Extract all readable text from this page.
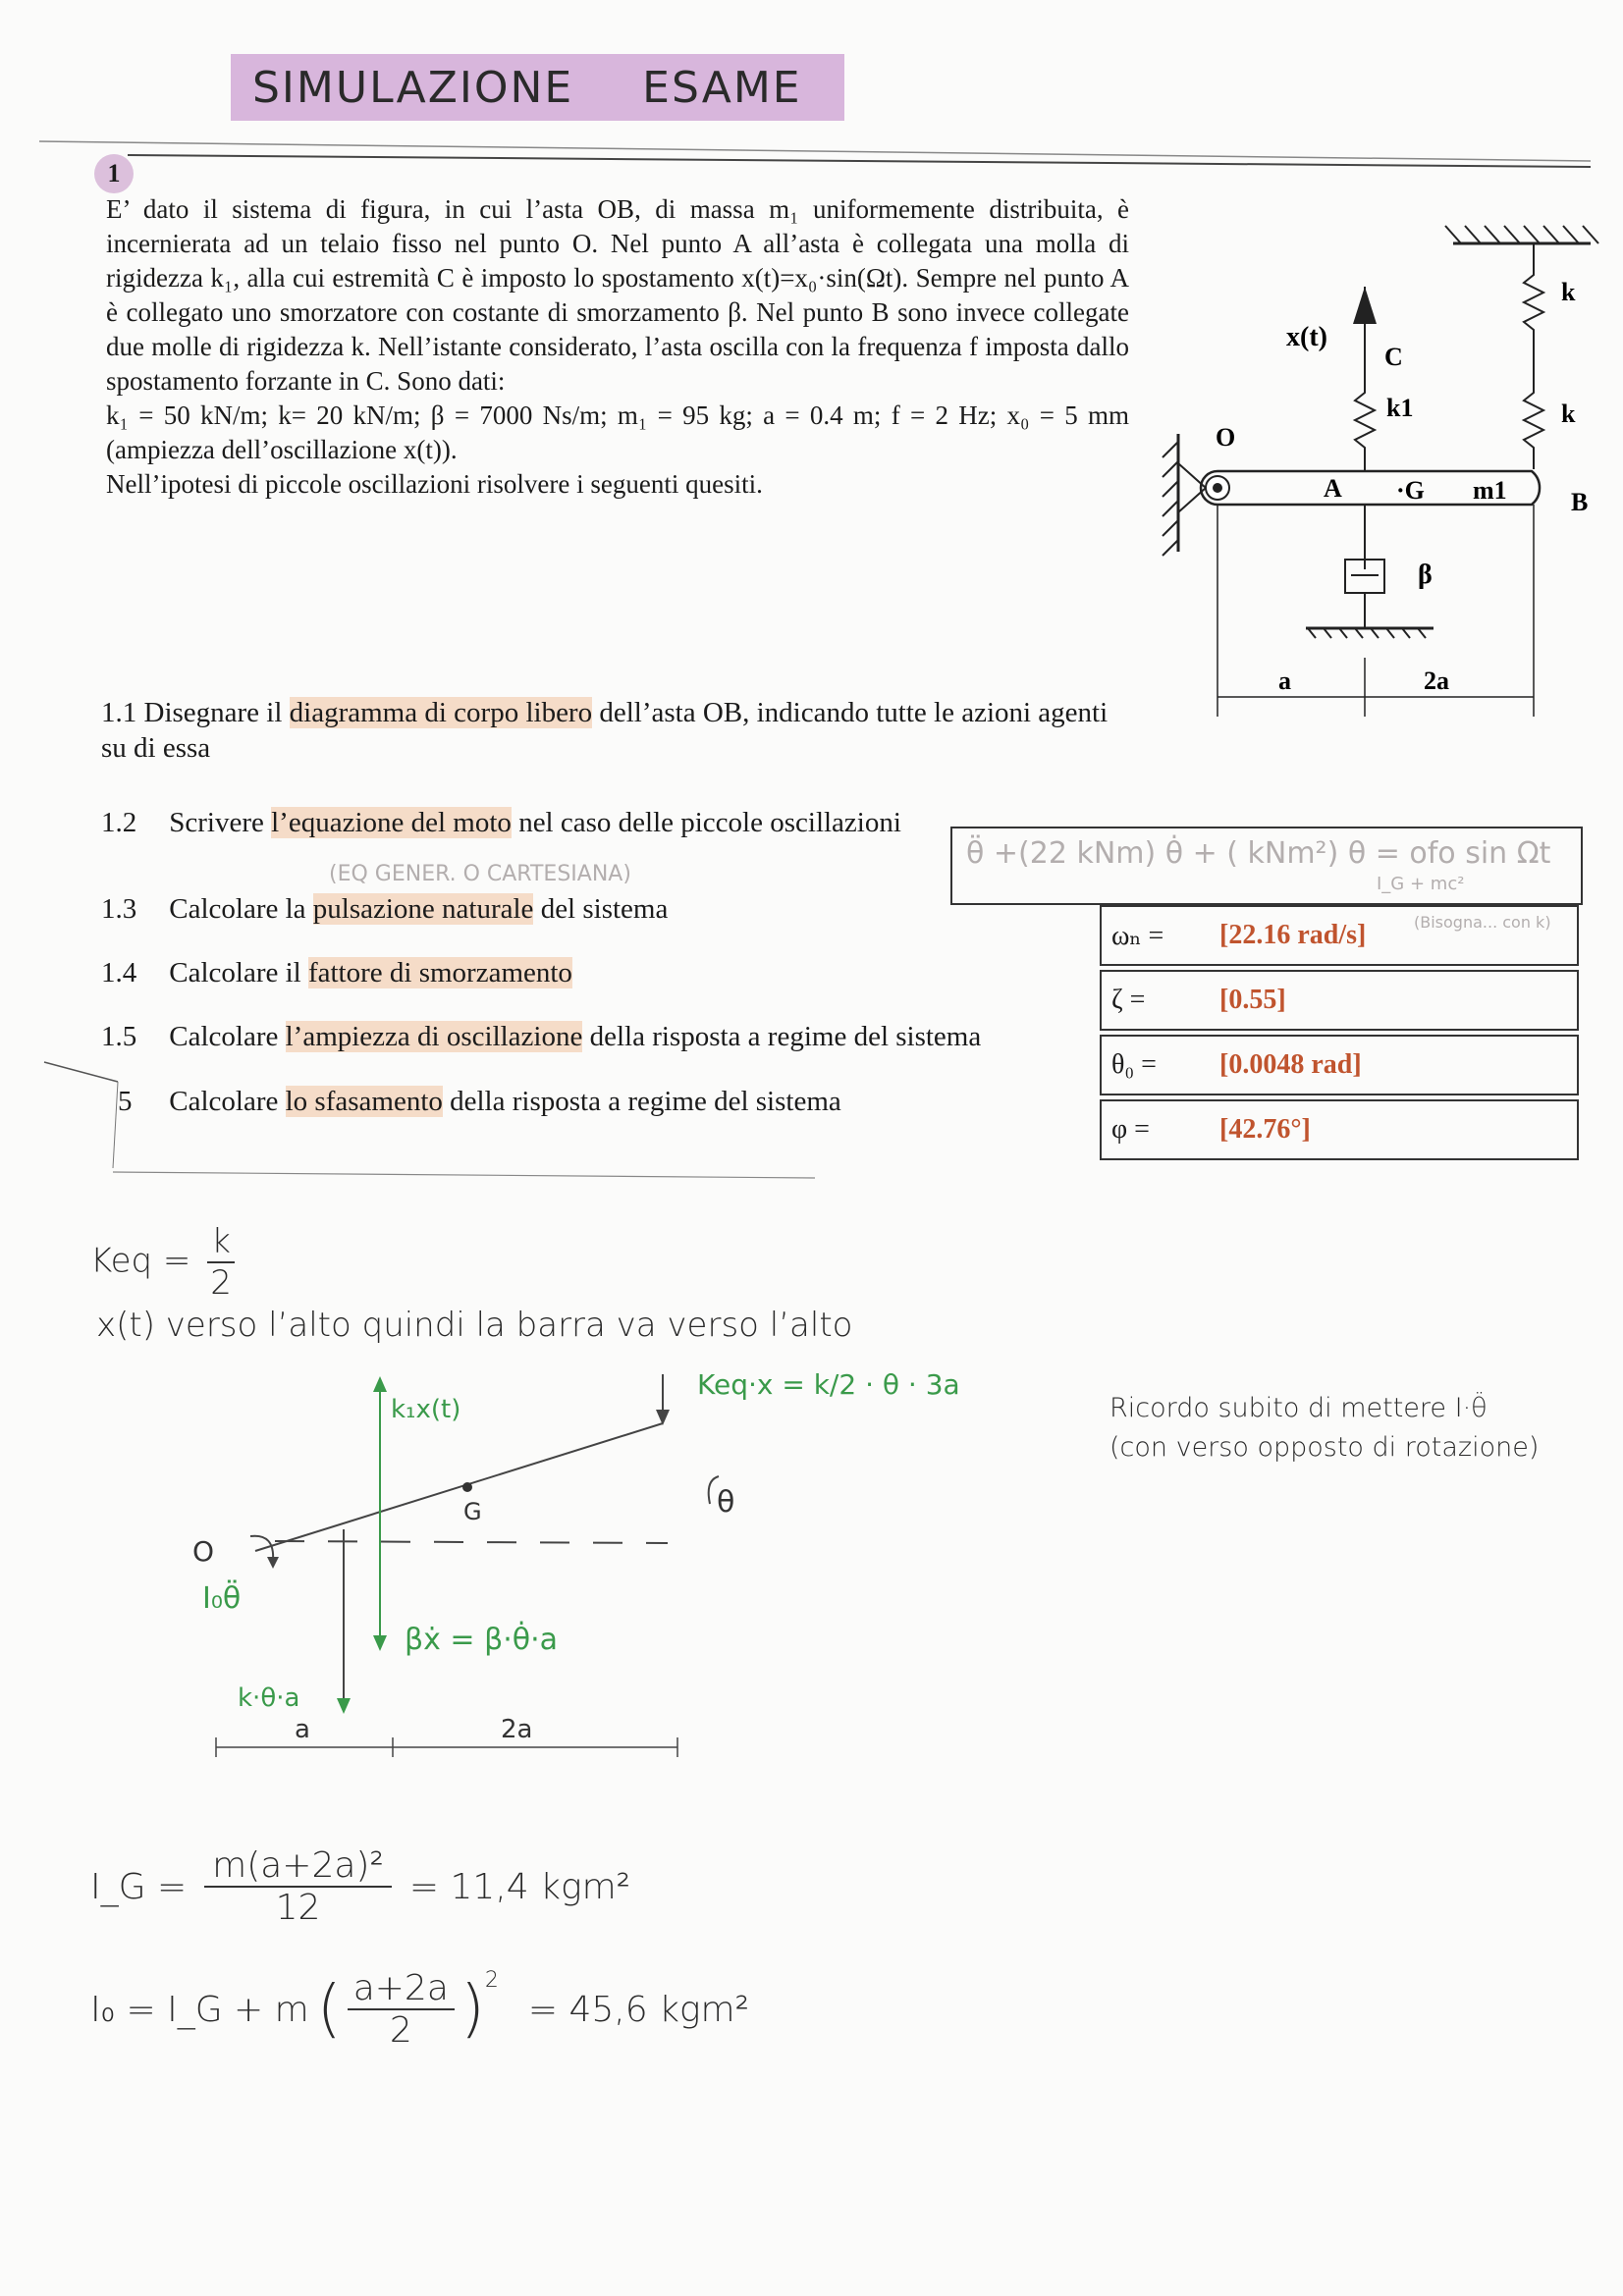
SIMULAZIONE ESAME
1
E’ dato il sistema di figura, in cui l’asta OB, di massa m₁ uniformemente distribuita, è incernierata ad un telaio fisso nel punto O. Nel punto A all’asta è collegata una molla di rigidezza k₁, alla cui estremità C è imposto lo spostamento x(t)=x₀·sin(Ωt). Sempre nel punto A è collegato uno smorzatore con costante di smorzamento β. Nel punto B sono invece collegate due molle di rigidezza k. Nell’istante considerato, l’asta oscilla con la frequenza f imposta dallo spostamento forzante in C. Sono dati:
k₁ = 50 kN/m; k= 20 kN/m; β = 7000 Ns/m; m₁ = 95 kg; a = 0.4 m; f = 2 Hz; x₀ = 5 mm (ampiezza dell’oscillazione x(t)).
Nell’ipotesi di piccole oscillazioni risolvere i seguenti quesiti.
x(t)
C
k1
k
k
O
A ·G m1	B
β
a	2a
1.1 Disegnare il diagramma di corpo libero dell’asta OB, indicando tutte le azioni agenti su di essa
1.2 Scrivere l’equazione del moto nel caso delle piccole oscillazioni
(EQ GENER. O CARTESIANA)
1.3 Calcolare la pulsazione naturale del sistema
1.4 Calcolare il fattore di smorzamento
1.5 Calcolare l’ampiezza di oscillazione della risposta a regime del sistema
5 Calcolare lo sfasamento della risposta a regime del sistema
θ̈ +(22 kNm) θ̇ + ( kNm²) θ = ofo sin Ωt
I_G + mc²
(Bisogna... con k)
ωₙ =	[22.16 rad/s]
ζ =	[0.55]
θ₀ =	[0.0048 rad]
φ =	[42.76°]
Keq = $\frac{k}{2}$
x(t) verso l’alto quindi la barra va verso l’alto
k₁x(t)
Keq·x = k/2 · θ · 3a
G
O
I₀θ̈
βẋ = β·θ̇·a
k·θ·a
θ
a	2a
Ricordo subito di mettere I·θ̈ (con verso opposto di rotazione)
I_G = $\frac{\text{m(a+2a)²}}{12} = 11,4$ kgm²
I₀ = I_G + m ( $\frac{a+2a}{2} )^2$
= 45,6 kgm²
